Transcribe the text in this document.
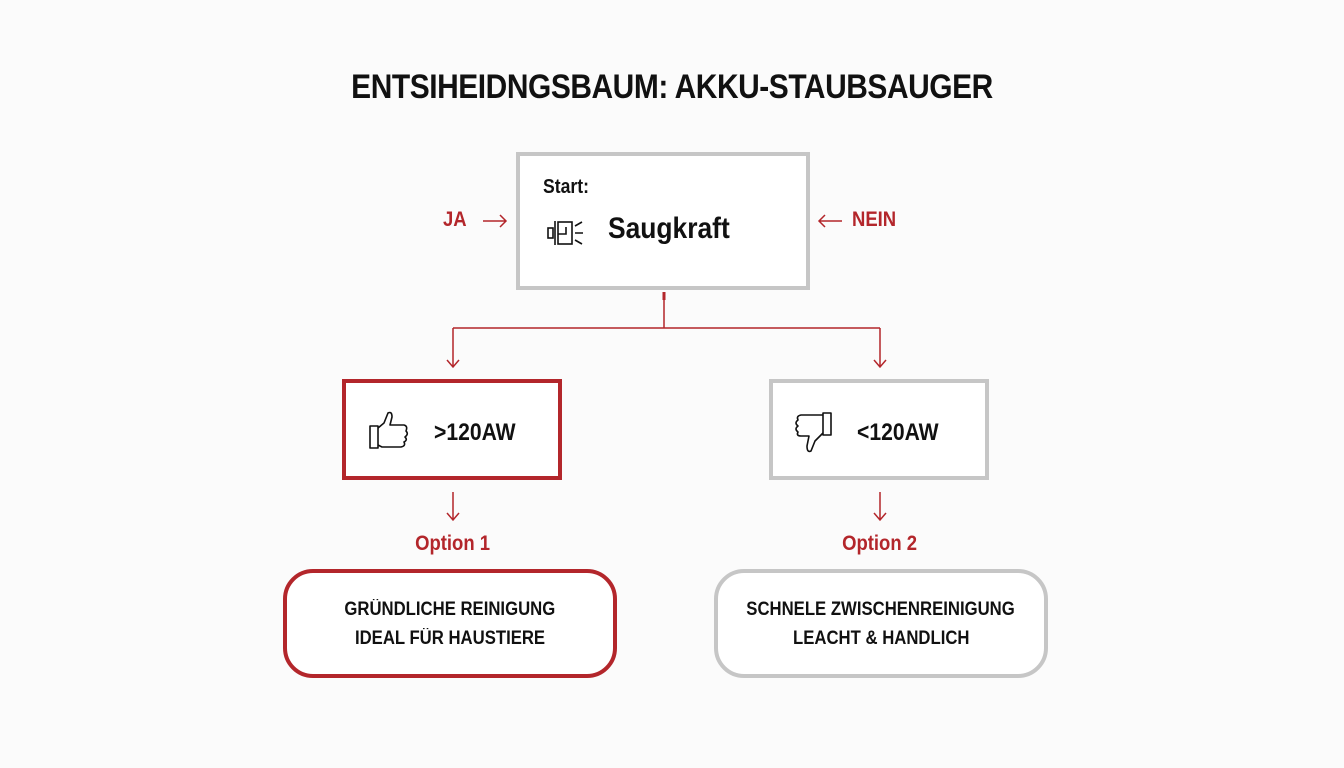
ENTSIHEIDNGSBAUM: AKKU-STAUBSAUGER
JA	NEIN
Start:
Saugkraft
>120AW	<120AW
Option 1	Option 2
GRÜNDLICHE REINIGUNG
IDEAL FÜR HAUSTIERE
SCHNELE ZWISCHENREINIGUNG
LEACHT & HANDLICH
